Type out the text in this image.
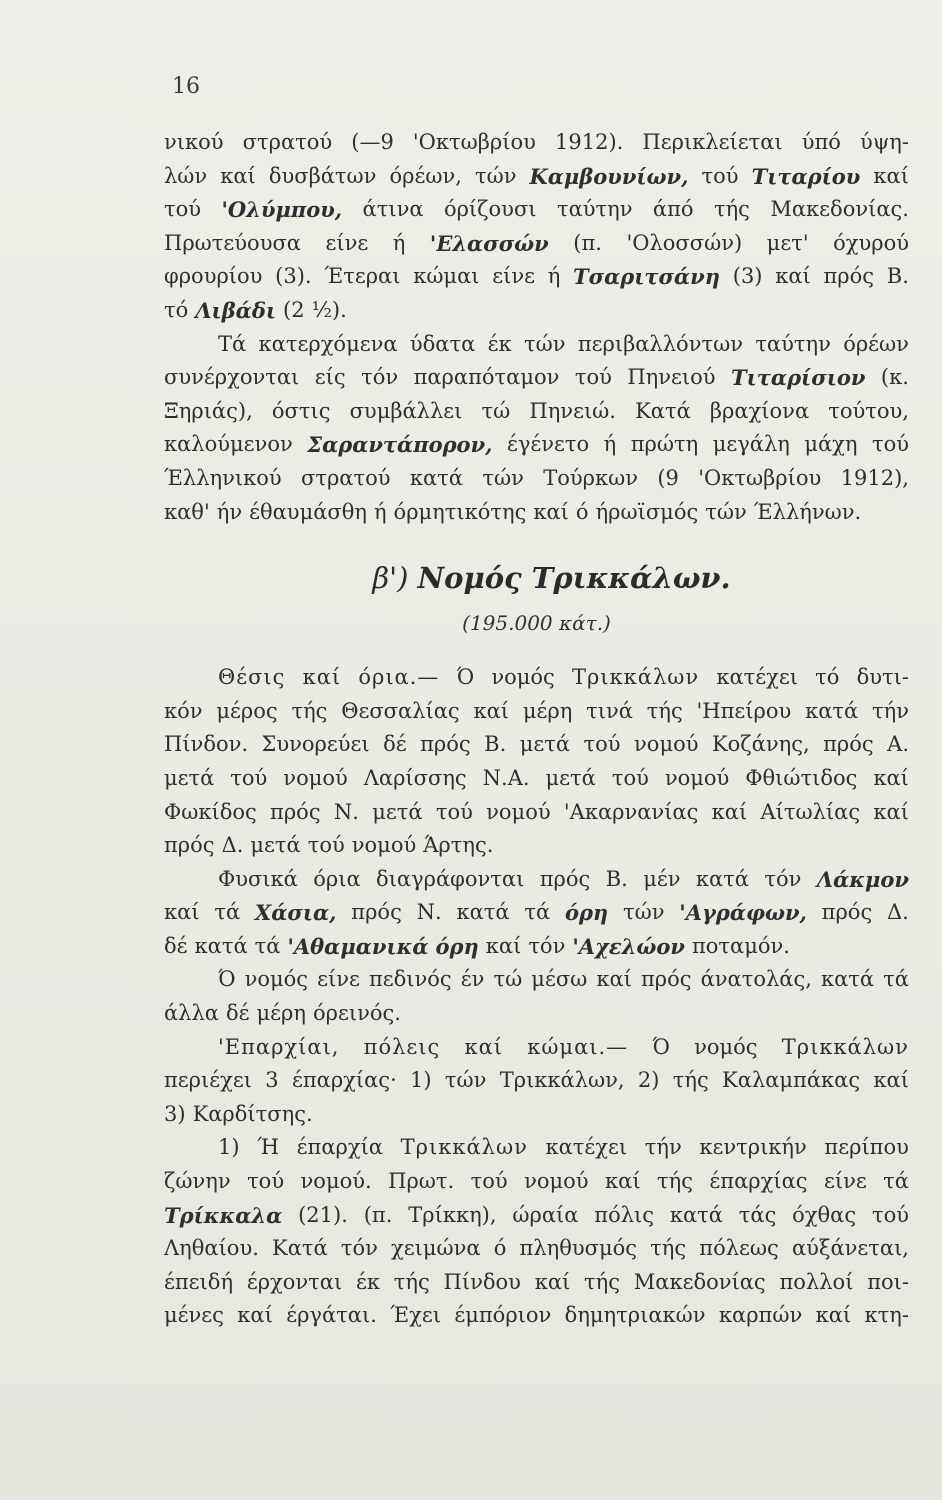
16
νικού στρατού (—9 'Οκτωβρίου 1912). Περικλείεται ύπό ύψη-
λών καί δυσβάτων όρέων, τών Καμβουνίων, τού Τιταρίου καί
τού 'Ολύμπου, άτινα όρίζουσι ταύτην άπό τής Μακεδονίας.
Πρωτεύουσα είνε ή 'Ελασσών (π. 'Ολοσσών) μετ' όχυρού
φρουρίου (3). Έτεραι κώμαι είνε ή Τσαριτσάνη (3) καί πρός Β.
τό Λιβάδι (2 ½).
Τά κατερχόμενα ύδατα έκ τών περιβαλλόντων ταύτην όρέων
συνέρχονται είς τόν παραπόταμον τού Πηνειού Τιταρίσιον (κ.
Ξηριάς), όστις συμβάλλει τώ Πηνειώ. Κατά βραχίονα τούτου,
καλούμενον Σαραντάπορον, έγένετο ή πρώτη μεγάλη μάχη τού
Έλληνικού στρατού κατά τών Τούρκων (9 'Οκτωβρίου 1912),
καθ' ήν έθαυμάσθη ή όρμητικότης καί ό ήρωϊσμός τών Έλλήνων.
β') Νομός Τρικκάλων.
(195.000 κάτ.)
Θέσις καί όρια.— Ό νομός Τρικκάλων κατέχει τό δυτι-
κόν μέρος τής Θεσσαλίας καί μέρη τινά τής 'Ηπείρου κατά τήν
Πίνδον. Συνορεύει δέ πρός Β. μετά τού νομού Κοζάνης, πρός Α.
μετά τού νομού Λαρίσσης Ν.Α. μετά τού νομού Φθιώτιδος καί
Φωκίδος πρός Ν. μετά τού νομού 'Ακαρνανίας καί Αίτωλίας καί
πρός Δ. μετά τού νομού Άρτης.
Φυσικά όρια διαγράφονται πρός Β. μέν κατά τόν Λάκμον
καί τά Χάσια, πρός Ν. κατά τά όρη τών 'Αγράφων, πρός Δ.
δέ κατά τά 'Αθαμανικά όρη καί τόν 'Αχελώον ποταμόν.
Ό νομός είνε πεδινός έν τώ μέσω καί πρός άνατολάς, κατά τά
άλλα δέ μέρη όρεινός.
'Επαρχίαι, πόλεις καί κώμαι.— Ό νομός Τρικκάλων
περιέχει 3 έπαρχίας· 1) τών Τρικκάλων, 2) τής Καλαμπάκας καί
3) Καρδίτσης.
1) Ή έπαρχία Τρικκάλων κατέχει τήν κεντρικήν περίπου
ζώνην τού νομού. Πρωτ. τού νομού καί τής έπαρχίας είνε τά
Τρίκκαλα (21). (π. Τρίκκη), ώραία πόλις κατά τάς όχθας τού
Ληθαίου. Κατά τόν χειμώνα ό πληθυσμός τής πόλεως αύξάνεται,
έπειδή έρχονται έκ τής Πίνδου καί τής Μακεδονίας πολλοί ποι-
μένες καί έργάται. Έχει έμπόριον δημητριακών καρπών καί κτη-
